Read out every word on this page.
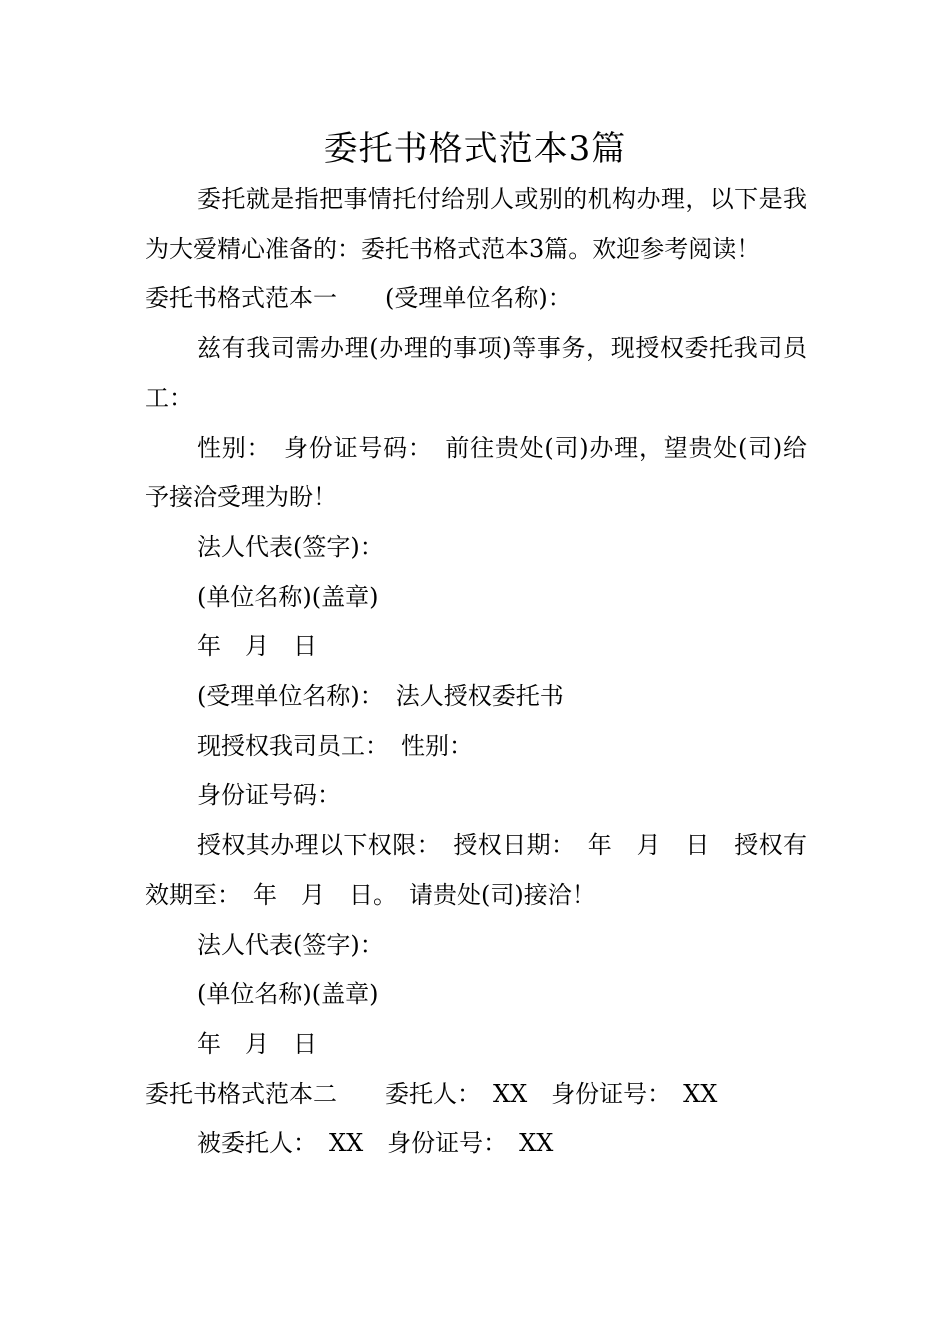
委托书格式范本3篇

委托就是指把事情托付给别人或别的机构办理，以下是我为大爱精心准备的：委托书格式范本3篇。欢迎参考阅读！

委托书格式范本一　　(受理单位名称)：

兹有我司需办理(办理的事项)等事务，现授权委托我司员工：

性别：　身份证号码：　前往贵处(司)办理，望贵处(司)给予接洽受理为盼！

法人代表(签字)：

(单位名称)(盖章)

年　月　日

(受理单位名称)：　法人授权委托书

现授权我司员工：　性别：

身份证号码：

授权其办理以下权限：　授权日期：　年　月　日　授权有效期至：　年　月　日。　请贵处(司)接洽！

法人代表(签字)：

(单位名称)(盖章)

年　月　日

委托书格式范本二　　委托人：　XX　身份证号：　XX

被委托人：　XX　身份证号：　XX
